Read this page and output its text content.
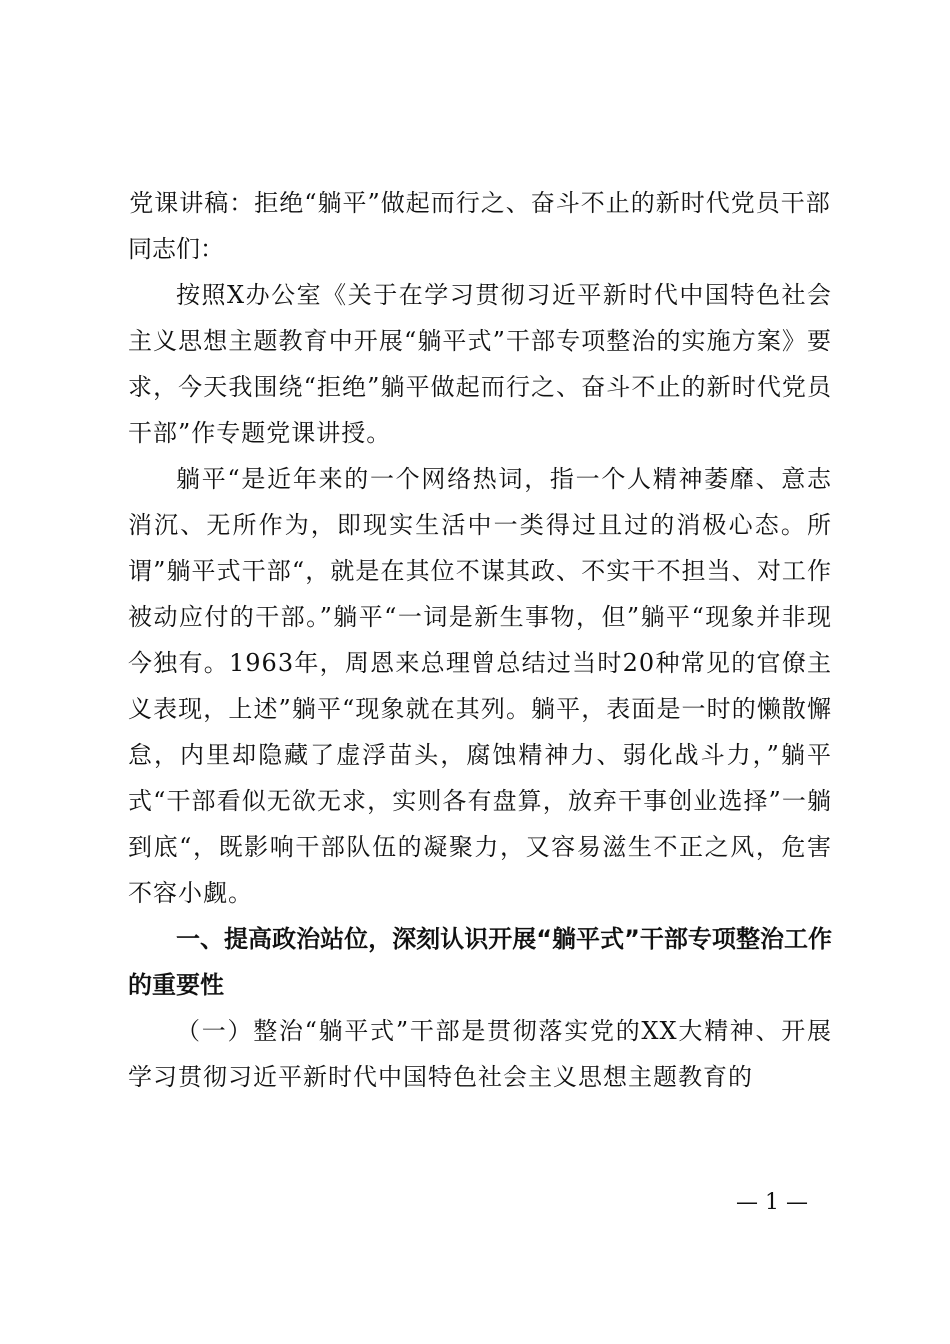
党课讲稿：拒绝“躺平”做起而行之、奋斗不止的新时代党员干部

同志们：

按照X办公室《关于在学习贯彻习近平新时代中国特色社会主义思想主题教育中开展“躺平式”干部专项整治的实施方案》要求，今天我围绕“拒绝”躺平做起而行之、奋斗不止的新时代党员干部”作专题党课讲授。

躺平“是近年来的一个网络热词，指一个人精神萎靡、意志消沉、无所作为，即现实生活中一类得过且过的消极心态。所谓”躺平式干部“，就是在其位不谋其政、不实干不担当、对工作被动应付的干部。”躺平“一词是新生事物，但”躺平“现象并非现今独有。1963年，周恩来总理曾总结过当时20种常见的官僚主义表现，上述”躺平“现象就在其列。躺平，表面是一时的懒散懈怠，内里却隐藏了虚浮苗头，腐蚀精神力、弱化战斗力，”躺平式“干部看似无欲无求，实则各有盘算，放弃干事创业选择”一躺到底“，既影响干部队伍的凝聚力，又容易滋生不正之风，危害不容小觑。

一、提高政治站位，深刻认识开展“躺平式”干部专项整治工作的重要性

（一）整治“躺平式”干部是贯彻落实党的XX大精神、开展学习贯彻习近平新时代中国特色社会主义思想主题教育的

— 1 —
